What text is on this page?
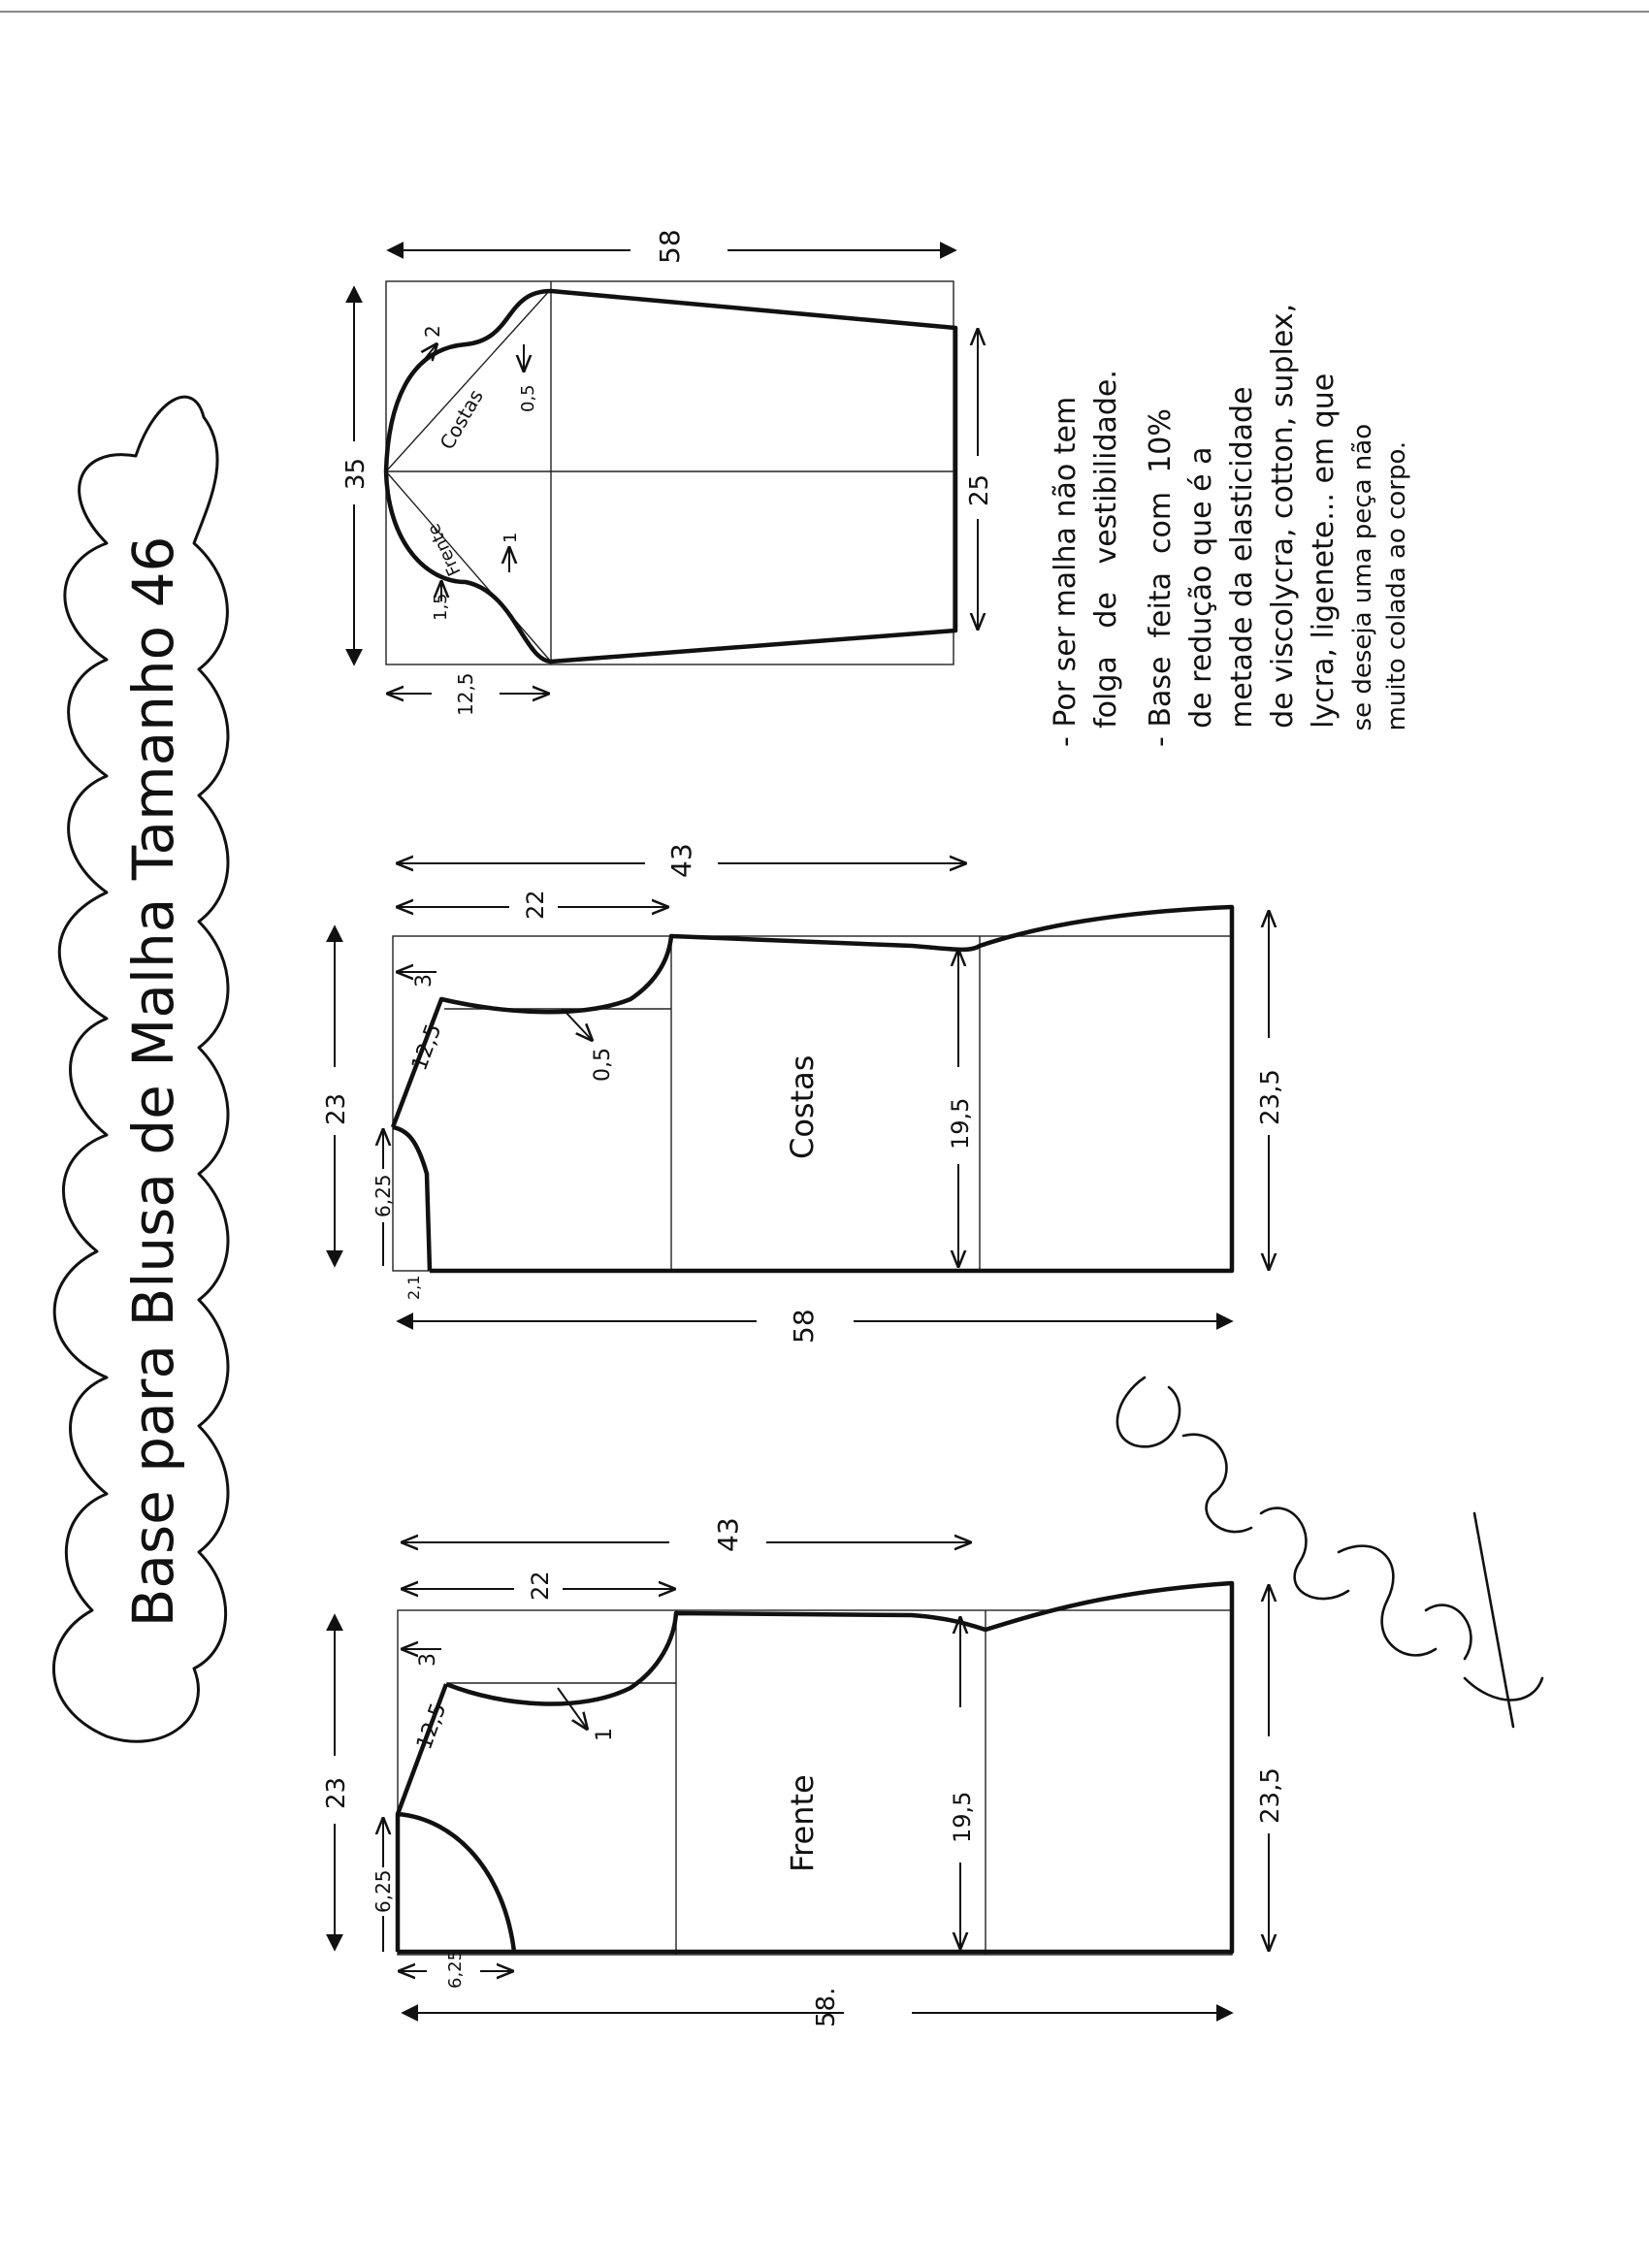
Base para Blusa de Malha Tamanho 46
58.
43
22
23
6,25
6,25
3
12,5	1
19,5	23,5
Frente
58
43
22
23
6,25
2,1
3
12,5	0,5
19,5	23,5
Costas
58
35
25
12,5
Costas
Frente
2
0,5
1,5
1	- Por ser malha não tem folga   de   vestibilidade. - Base  feita  com  10% de redução que é a metade da elasticidade de viscolycra, cotton, suplex, lycra, ligenete... em que se deseja uma peça não muito colada ao corpo.
